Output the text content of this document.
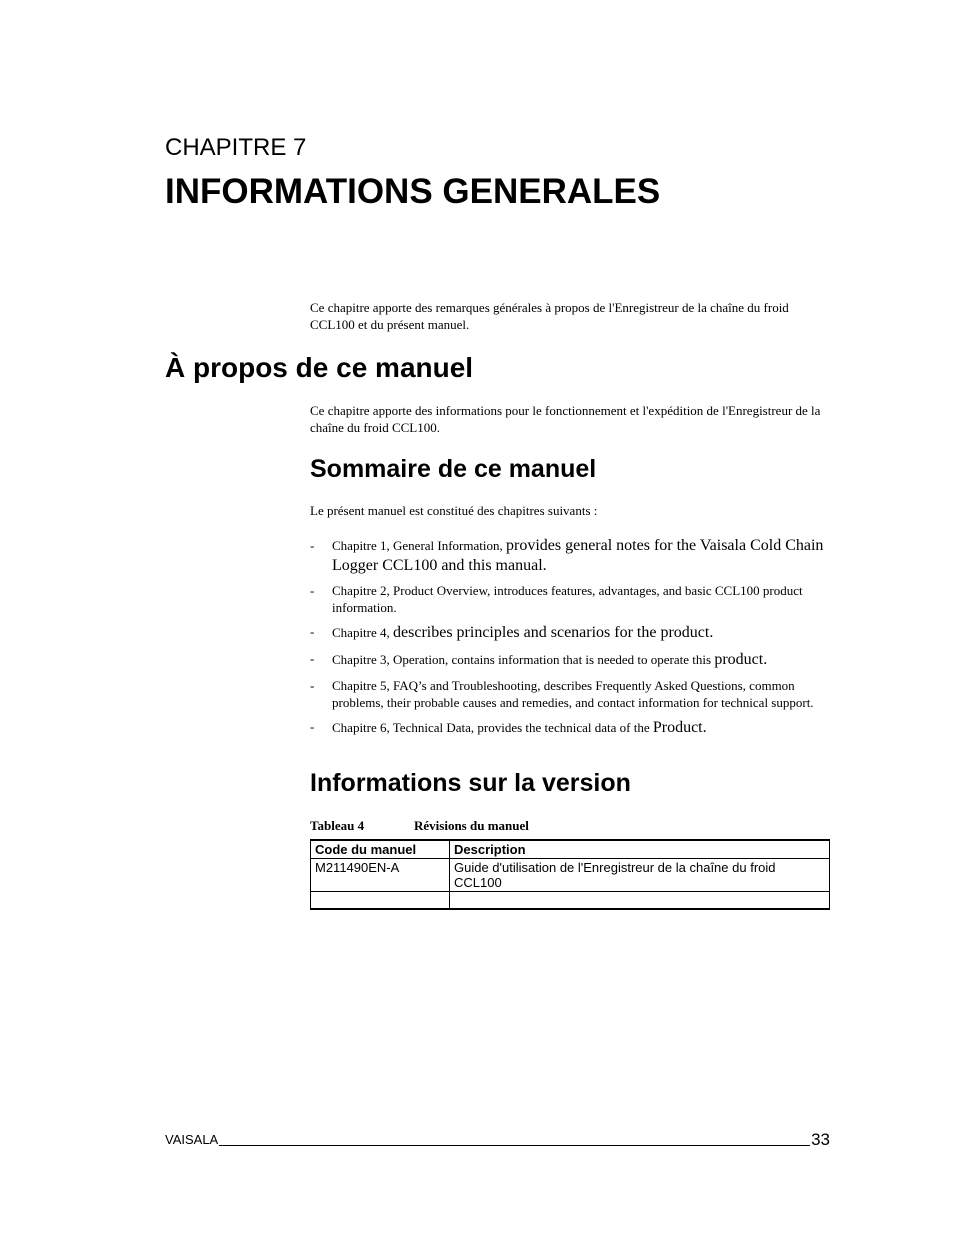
CHAPITRE 7
INFORMATIONS GENERALES

Ce chapitre apporte des remarques générales à propos de l'Enregistreur de la chaîne du froid CCL100 et du présent manuel.

À propos de ce manuel

Ce chapitre apporte des informations pour le fonctionnement et l'expédition de l'Enregistreur de la chaîne du froid CCL100.

Sommaire de ce manuel

Le présent manuel est constitué des chapitres suivants :

- Chapitre 1, General Information, provides general notes for the Vaisala Cold Chain Logger CCL100 and this manual.
- Chapitre 2, Product Overview, introduces features, advantages, and basic CCL100 product information.
- Chapitre 4, describes principles and scenarios for the product.
- Chapitre 3, Operation, contains information that is needed to operate this product.
- Chapitre 5, FAQ’s and Troubleshooting, describes Frequently Asked Questions, common problems, their probable causes and remedies, and contact information for technical support.
- Chapitre 6, Technical Data, provides the technical data of the Product.
Informations sur la version

Tableau 4	Révisions du manuel

Code du manuel	Description
M211490EN-A	Guide d'utilisation de l'Enregistreur de la chaîne du froid CCL100

VAISALA	33
